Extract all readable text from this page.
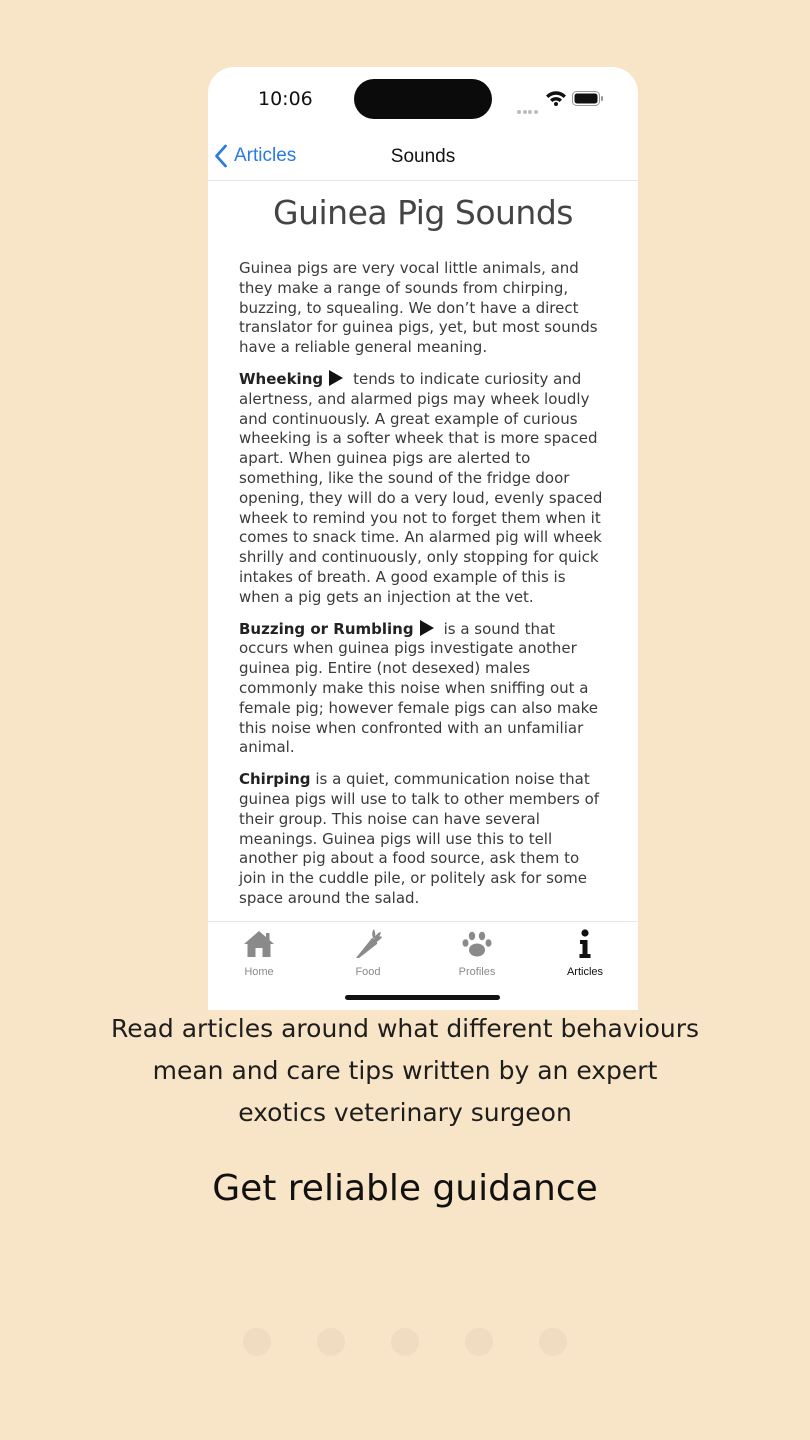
10:06
Articles	Sounds
Guinea Pig Sounds

Guinea pigs are very vocal little animals, and they make a range of sounds from chirping, buzzing, to squealing. We don’t have a direct translator for guinea pigs, yet, but most sounds have a reliable general meaning.

Wheeking tends to indicate curiosity and alertness, and alarmed pigs may wheek loudly and continuously. A great example of curious wheeking is a softer wheek that is more spaced apart. When guinea pigs are alerted to something, like the sound of the fridge door opening, they will do a very loud, evenly spaced wheek to remind you not to forget them when it comes to snack time. An alarmed pig will wheek shrilly and continuously, only stopping for quick intakes of breath. A good example of this is when a pig gets an injection at the vet.

Buzzing or Rumbling is a sound that occurs when guinea pigs investigate another guinea pig. Entire (not desexed) males commonly make this noise when sniffing out a female pig; however female pigs can also make this noise when confronted with an unfamiliar animal.

Chirping is a quiet, communication noise that guinea pigs will use to talk to other members of their group. This noise can have several meanings. Guinea pigs will use this to tell another pig about a food source, ask them to join in the cuddle pile, or politely ask for some space around the salad.

Home	Food	Profiles	Articles
Read articles around what different behaviours mean and care tips written by an expert exotics veterinary surgeon
Get reliable guidance
